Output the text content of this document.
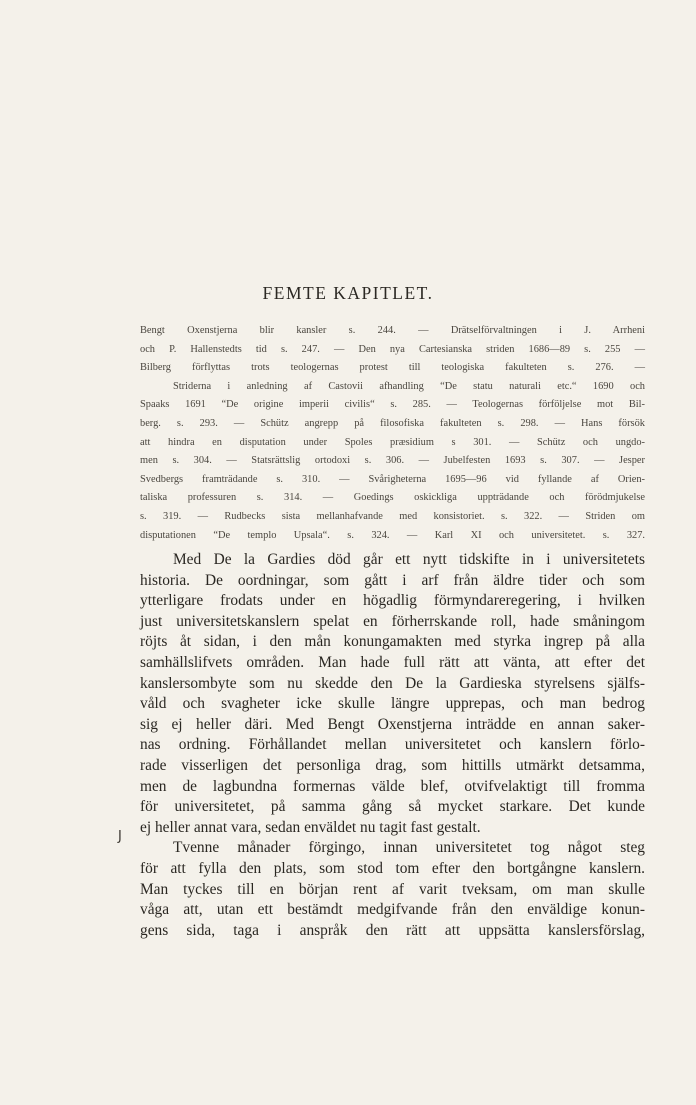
FEMTE KAPITLET.
Bengt Oxenstjerna blir kansler s. 244. — Drätselförvaltningen i J. Arrheni
och P. Hallenstedts tid s. 247. — Den nya Cartesianska striden 1686—89 s. 255 —
Bilberg förflyttas trots teologernas protest till teologiska fakulteten s. 276. —
Striderna i anledning af Castovii afhandling “De statu naturali etc.“ 1690 och
Spaaks 1691 “De origine imperii civilis“ s. 285. — Teologernas förföljelse mot Bil-
berg. s. 293. — Schütz angrepp på filosofiska fakulteten s. 298. — Hans försök
att hindra en disputation under Spoles præsidium s 301. — Schütz och ungdo-
men s. 304. — Statsrättslig ortodoxi s. 306. — Jubelfesten 1693 s. 307. — Jesper
Svedbergs framträdande s. 310. — Svårigheterna 1695—96 vid fyllande af Orien-
taliska professuren s. 314. — Goedings oskickliga uppträdande och förödmjukelse
s. 319. — Rudbecks sista mellanhafvande med konsistoriet. s. 322. — Striden om
disputationen “De templo Upsala“. s. 324. — Karl XI och universitetet. s. 327.
Med De la Gardies död går ett nytt tidskifte in i universitetets
historia. De oordningar, som gått i arf från äldre tider och som
ytterligare frodats under en högadlig förmyndareregering, i hvilken
just universitetskanslern spelat en förherrskande roll, hade småningom
röjts åt sidan, i den mån konungamakten med styrka ingrep på alla
samhällslifvets områden. Man hade full rätt att vänta, att efter det
kanslersombyte som nu skedde den De la Gardieska styrelsens själfs-
våld och svagheter icke skulle längre upprepas, och man bedrog
sig ej heller däri. Med Bengt Oxenstjerna inträdde en annan saker-
nas ordning. Förhållandet mellan universitetet och kanslern förlo-
rade visserligen det personliga drag, som hittills utmärkt detsamma,
men de lagbundna formernas välde blef, otvifvelaktigt till fromma
för universitetet, på samma gång så mycket starkare. Det kunde
ej heller annat vara, sedan enväldet nu tagit fast gestalt.
Tvenne månader förgingo, innan universitetet tog något steg
för att fylla den plats, som stod tom efter den bortgångne kanslern.
Man tyckes till en början rent af varit tveksam, om man skulle
våga att, utan ett bestämdt medgifvande från den enväldige konun-
gens sida, taga i anspråk den rätt att uppsätta kanslersförslag,
J
